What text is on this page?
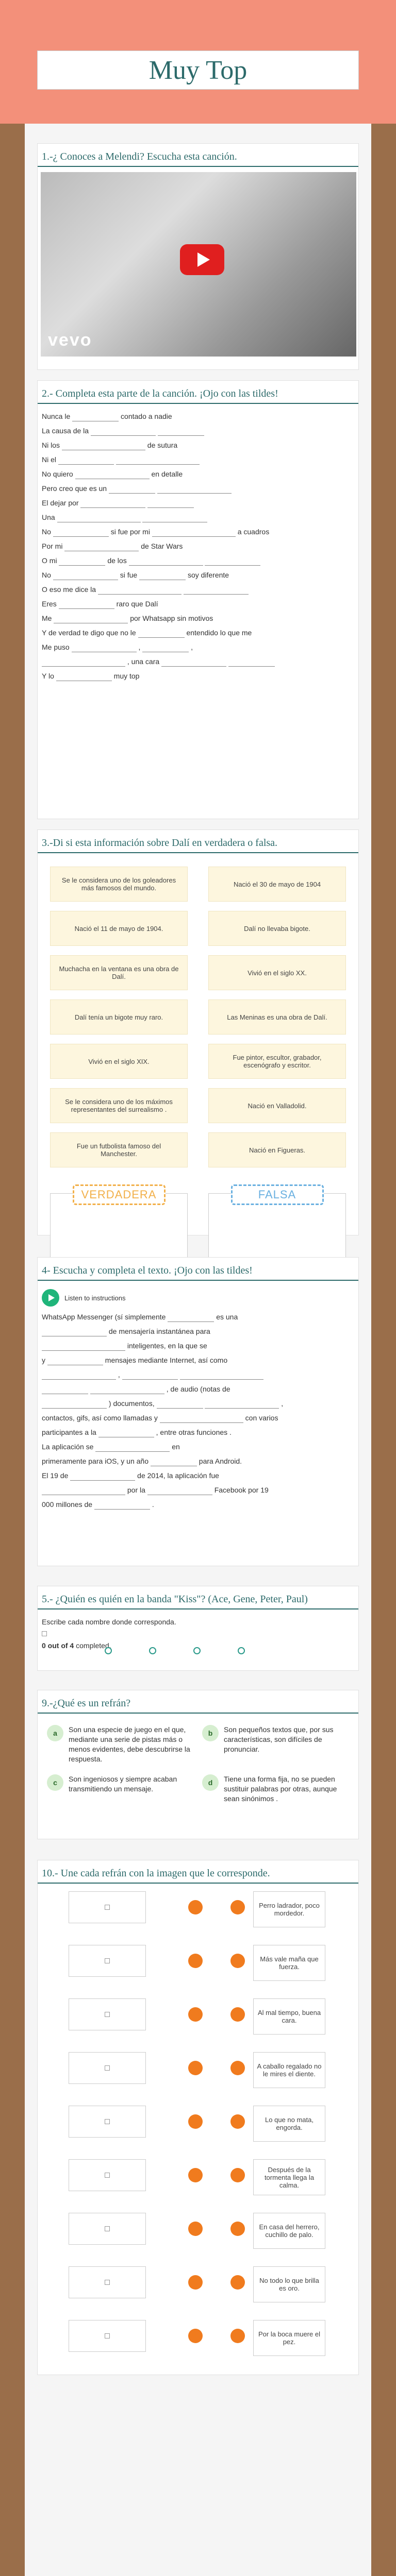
Muy Top
1.-¿ Conoces a Melendi? Escucha esta canción.
vevo
2.- Completa esta parte de la canción. ¡Ojo con las tildes!
Nunca le	contado a nadie
La causa de la
Ni los	de sutura
Ni el
No quiero	en detalle
Pero creo que es un
El dejar por
Una
No	si fue por mi	a cuadros
Por mi	de Star Wars
O mi	de los
No	si fue	soy diferente
O eso me dice la
Eres	raro que Dalí
Me	por Whatsapp sin motivos
Y de verdad te digo que no le	entendido lo que me
Me puso	,	,
, una cara
Y lo	muy top
3.-Di si esta información sobre Dalí en verdadera o falsa.
Se le considera uno de los goleadores más famosos del mundo.	Nació el 30 de mayo de 1904
Nació el 11 de mayo de 1904.	Dalí no llevaba bigote.
Muchacha en la ventana es una obra de Dalí.	Vivió en el siglo XX.
Dalí tenía un bigote muy raro.	Las Meninas es una obra de Dalí.
Vivió en el siglo XIX.	Fue pintor, escultor, grabador, escenógrafo y escritor.
Se le considera uno de los máximos representantes del surrealismo .	Nació en Valladolid.
Fue un futbolista famoso del Manchester.	Nació en Figueras.
VERDADERA	FALSA
4- Escucha y completa el texto. ¡Ojo con las tildes!
Listen to instructions
WhatsApp Messenger (sí simplemente	es una
de mensajería instantánea para
inteligentes, en la que se
y	mensajes mediante Internet, así como
,
, de audio (notas de
) documentos,	,
contactos, gifs, así como llamadas y	con varios
participantes a la	, entre otras funciones .
La aplicación se	en
primeramente para iOS, y un año	para Android.
El 19 de	de 2014, la aplicación fue
por la	Facebook por 19
000 millones de	.
5.- ¿Quién es quién en la banda "Kiss"? (Ace, Gene, Peter, Paul)
Escribe cada nombre donde corresponda.
0 out of 4 completed.
9.-¿Qué es un refrán?
a	Son una especie de juego en el que, mediante una serie de pistas más o menos evidentes, debe descubrirse la respuesta.
b	Son pequeños textos que, por sus características, son difíciles de pronunciar.
c	Son ingeniosos y siempre acaban transmitiendo un mensaje.
d	Tiene una forma fija, no se pueden sustituir palabras por otras, aunque sean sinónimos .
10.- Une cada refrán con la imagen que le corresponde.
Perro ladrador, poco mordedor.
Más vale maña que fuerza.
Al mal tiempo, buena cara.
A caballo regalado no le mires el diente.
Lo que no mata, engorda.
Después de la tormenta llega la calma.
En casa del herrero, cuchillo de palo.
No todo lo que brilla es oro.
Por la boca muere el pez.
